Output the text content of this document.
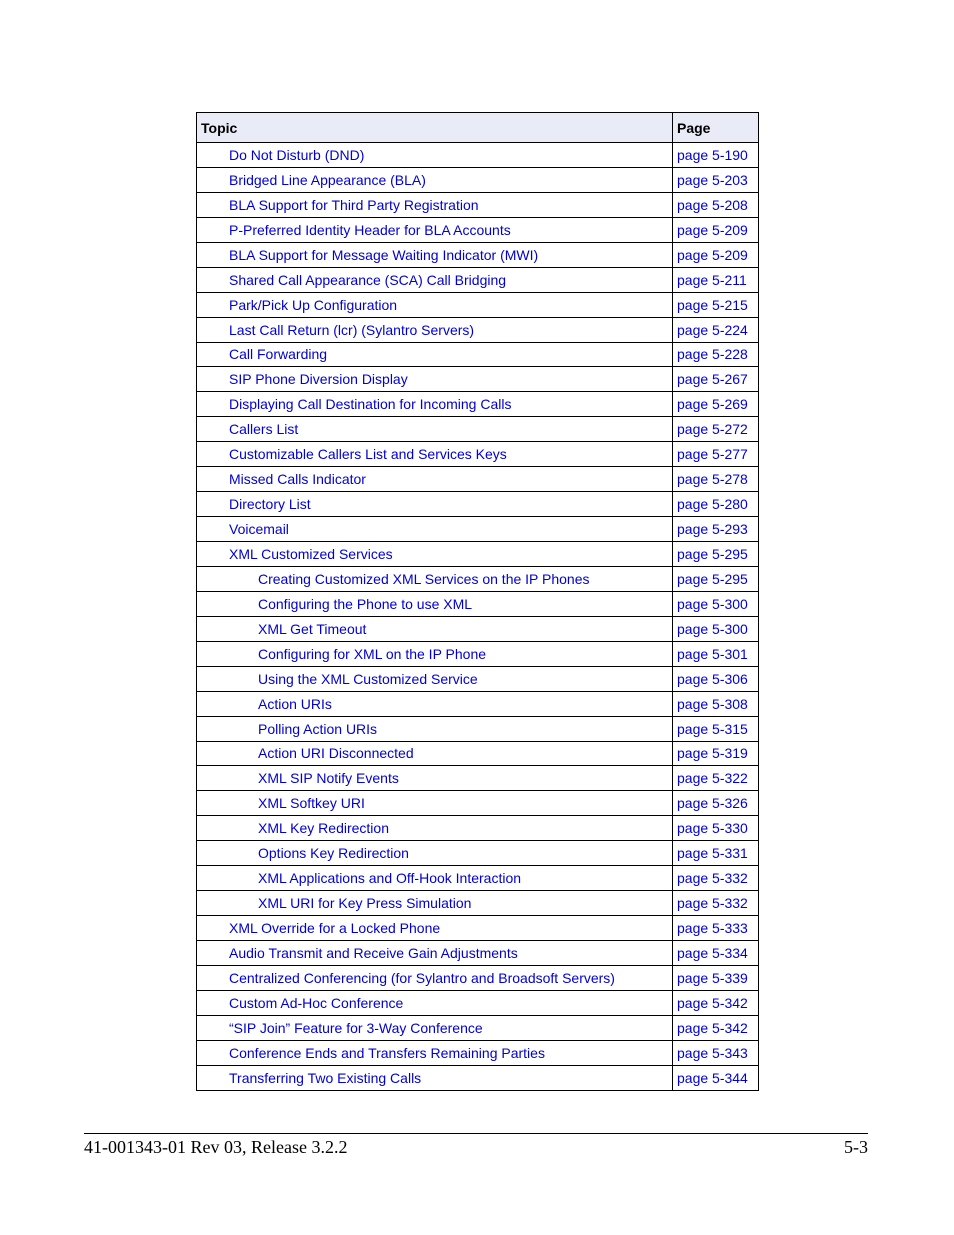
Topic	Page
Do Not Disturb (DND)	page 5-190
Bridged Line Appearance (BLA)	page 5-203
BLA Support for Third Party Registration	page 5-208
P-Preferred Identity Header for BLA Accounts	page 5-209
BLA Support for Message Waiting Indicator (MWI)	page 5-209
Shared Call Appearance (SCA) Call Bridging	page 5-211
Park/Pick Up Configuration	page 5-215
Last Call Return (lcr) (Sylantro Servers)	page 5-224
Call Forwarding	page 5-228
SIP Phone Diversion Display	page 5-267
Displaying Call Destination for Incoming Calls	page 5-269
Callers List	page 5-272
Customizable Callers List and Services Keys	page 5-277
Missed Calls Indicator	page 5-278
Directory List	page 5-280
Voicemail	page 5-293
XML Customized Services	page 5-295
Creating Customized XML Services on the IP Phones	page 5-295
Configuring the Phone to use XML	page 5-300
XML Get Timeout	page 5-300
Configuring for XML on the IP Phone	page 5-301
Using the XML Customized Service	page 5-306
Action URIs	page 5-308
Polling Action URIs	page 5-315
Action URI Disconnected	page 5-319
XML SIP Notify Events	page 5-322
XML Softkey URI	page 5-326
XML Key Redirection	page 5-330
Options Key Redirection	page 5-331
XML Applications and Off-Hook Interaction	page 5-332
XML URI for Key Press Simulation	page 5-332
XML Override for a Locked Phone	page 5-333
Audio Transmit and Receive Gain Adjustments	page 5-334
Centralized Conferencing (for Sylantro and Broadsoft Servers)	page 5-339
Custom Ad-Hoc Conference	page 5-342
“SIP Join” Feature for 3-Way Conference	page 5-342
Conference Ends and Transfers Remaining Parties	page 5-343
Transferring Two Existing Calls	page 5-344
41-001343-01 Rev 03, Release 3.2.2	5-3
